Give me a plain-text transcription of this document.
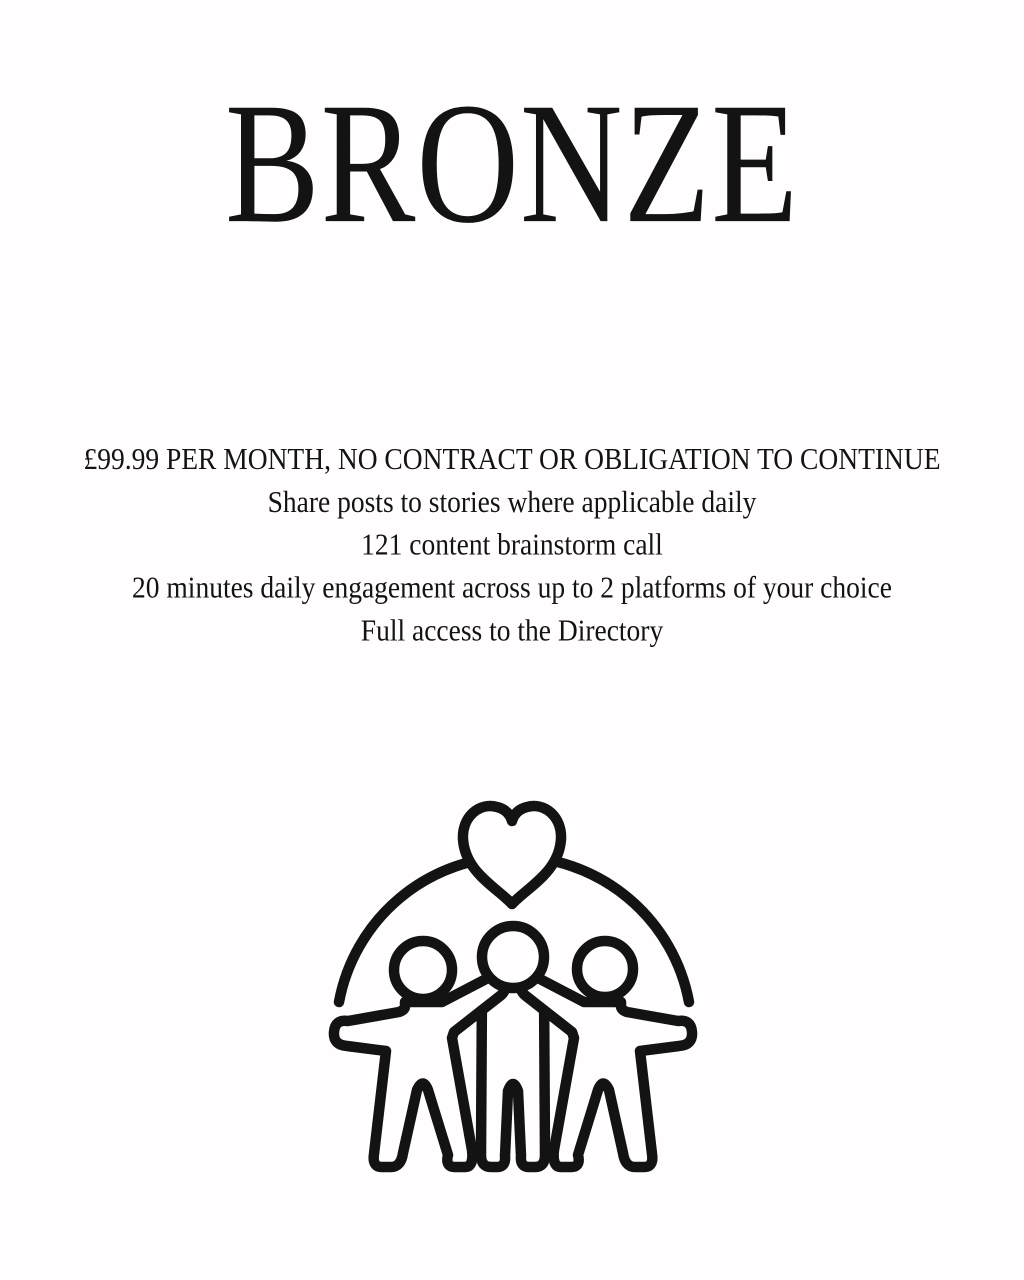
BRONZE

£99.99 PER MONTH, NO CONTRACT OR OBLIGATION TO CONTINUE

Share posts to stories where applicable daily

121 content brainstorm call

20 minutes daily engagement across up to 2 platforms of your choice

Full access to the Directory
